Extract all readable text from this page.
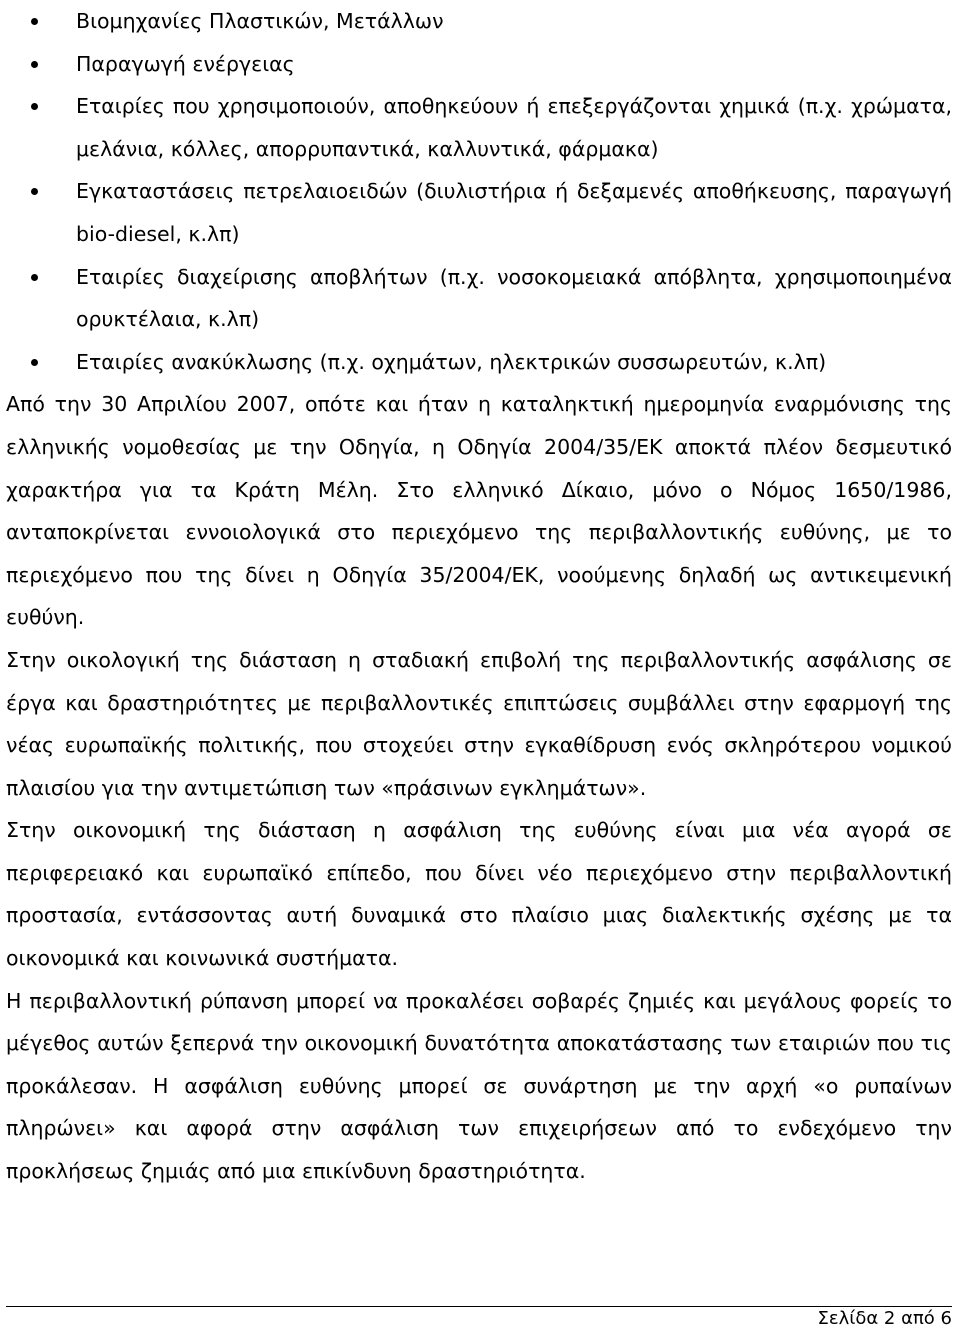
Βιομηχανίες Πλαστικών, Μετάλλων
Παραγωγή ενέργειας
Εταιρίες που χρησιμοποιούν, αποθηκεύουν ή επεξεργάζονται χημικά (π.χ. χρώματα, μελάνια, κόλλες, απορρυπαντικά, καλλυντικά, φάρμακα)
Εγκαταστάσεις πετρελαιοειδών (διυλιστήρια ή δεξαμενές αποθήκευσης, παραγωγή bio-diesel, κ.λπ)
Εταιρίες διαχείρισης αποβλήτων (π.χ. νοσοκομειακά απόβλητα, χρησιμοποιημένα ορυκτέλαια, κ.λπ)
Εταιρίες ανακύκλωσης (π.χ. οχημάτων, ηλεκτρικών συσσωρευτών, κ.λπ)

Από την 30 Απριλίου 2007, οπότε και ήταν η καταληκτική ημερομηνία εναρμόνισης της ελληνικής νομοθεσίας με την Οδηγία, η Οδηγία 2004/35/ΕΚ αποκτά πλέον δεσμευτικό χαρακτήρα για τα Κράτη Μέλη. Στο ελληνικό Δίκαιο, μόνο ο Νόμος 1650/1986, ανταποκρίνεται εννοιολογικά στο περιεχόμενο της περιβαλλοντικής ευθύνης, με το περιεχόμενο που της δίνει η Οδηγία 35/2004/ΕΚ, νοούμενης δηλαδή ως αντικειμενική ευθύνη.

Στην οικολογική της διάσταση η σταδιακή επιβολή της περιβαλλοντικής ασφάλισης σε έργα και δραστηριότητες με περιβαλλοντικές επιπτώσεις συμβάλλει στην εφαρμογή της νέας ευρωπαϊκής πολιτικής, που στοχεύει στην εγκαθίδρυση ενός σκληρότερου νομικού πλαισίου για την αντιμετώπιση των «πράσινων εγκλημάτων».

Στην οικονομική της διάσταση η ασφάλιση της ευθύνης είναι μια νέα αγορά σε περιφερειακό και ευρωπαϊκό επίπεδο, που δίνει νέο περιεχόμενο στην περιβαλλοντική προστασία, εντάσσοντας αυτή δυναμικά στο πλαίσιο μιας διαλεκτικής σχέσης με τα οικονομικά και κοινωνικά συστήματα.

Η περιβαλλοντική ρύπανση μπορεί να προκαλέσει σοβαρές ζημιές και μεγάλους φορείς το μέγεθος αυτών ξεπερνά την οικονομική δυνατότητα αποκατάστασης των εταιριών που τις προκάλεσαν. Η ασφάλιση ευθύνης μπορεί σε συνάρτηση με την αρχή «ο ρυπαίνων πληρώνει» και αφορά στην ασφάλιση των επιχειρήσεων από το ενδεχόμενο την προκλήσεως ζημιάς από μια επικίνδυνη δραστηριότητα.

Σελίδα 2 από 6
